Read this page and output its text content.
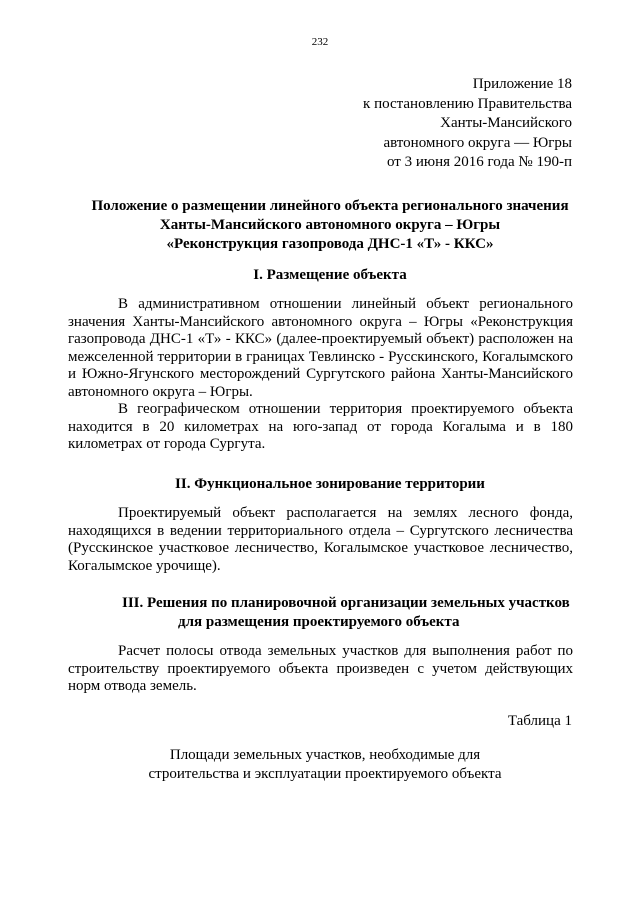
232
Приложение 18
к постановлению Правительства
Ханты-Мансийского
автономного округа — Югры
от 3 июня 2016 года № 190-п
Положение о размещении линейного объекта регионального значения
Ханты-Мансийского автономного округа – Югры
«Реконструкция газопровода ДНС-1 «Т» - ККС»
I. Размещение объекта

В административном отношении линейный объект регионального значения Ханты-Мансийского автономного округа – Югры «Реконструкция газопровода ДНС-1 «Т» - ККС» (далее-проектируемый объект) расположен на межселенной территории в границах Тевлинско - Русскинского, Когалымского и Южно-Ягунского месторождений Сургутского района Ханты-Мансийского автономного округа – Югры.

В географическом отношении территория проектируемого объекта находится в 20 километрах на юго-запад от города Когалыма и в 180 километрах от города Сургута.

II. Функциональное зонирование территории

Проектируемый объект располагается на землях лесного фонда, находящихся в ведении территориального отдела – Сургутского лесничества (Русскинское участковое лесничество, Когалымское участковое лесничество, Когалымское урочище).

III. Решения по планировочной организации земельных участков
для размещения проектируемого объекта

Расчет полосы отвода земельных участков для выполнения работ по строительству проектируемого объекта произведен с учетом действующих норм отвода земель.

Таблица 1
Площади земельных участков, необходимые для
строительства и эксплуатации проектируемого объекта
